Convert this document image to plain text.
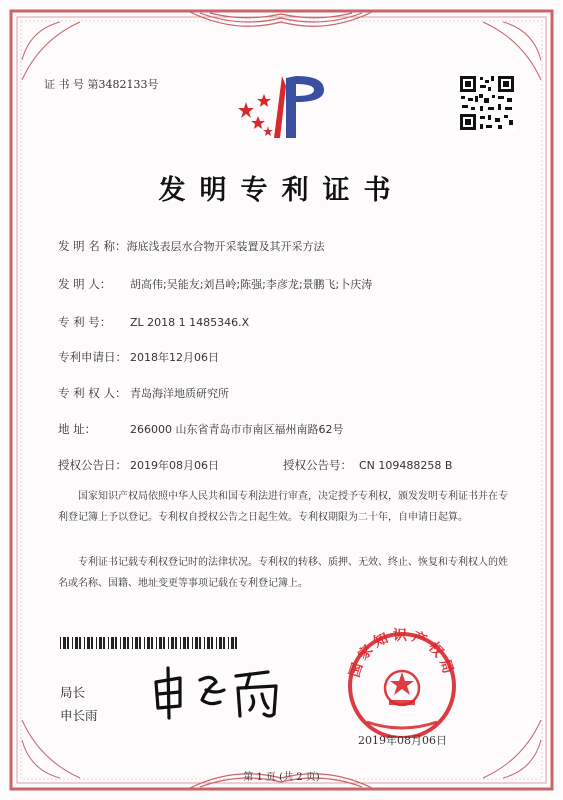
证 书 号 第3482133号
发明专利证书
发 明 名 称：海底浅表层水合物开采装置及其开采方法
发 明 人： 胡高伟;吴能友;刘昌岭;陈强;李彦龙;景鹏飞;卜庆涛
专 利 号： ZL 2018 1 1485346.X
专利申请日： 2018年12月06日
专 利 权 人： 青岛海洋地质研究所
地 址：	266000 山东省青岛市市南区福州南路62号
授权公告日： 2019年08月06日	授权公告号： CN 109488258 B
国家知识产权局依照中华人民共和国专利法进行审查，决定授予专利权，颁发发明专利证书并在专利登记簿上予以登记。专利权自授权公告之日起生效。专利权期限为二十年，自申请日起算。
专利证书记载专利权登记时的法律状况。专利权的转移、质押、无效、终止、恢复和专利权人的姓名或名称、国籍、地址变更等事项记载在专利登记簿上。
局长
申长雨
国家知识产权局
2019年08月06日
第 1 页 (共 2 页)
